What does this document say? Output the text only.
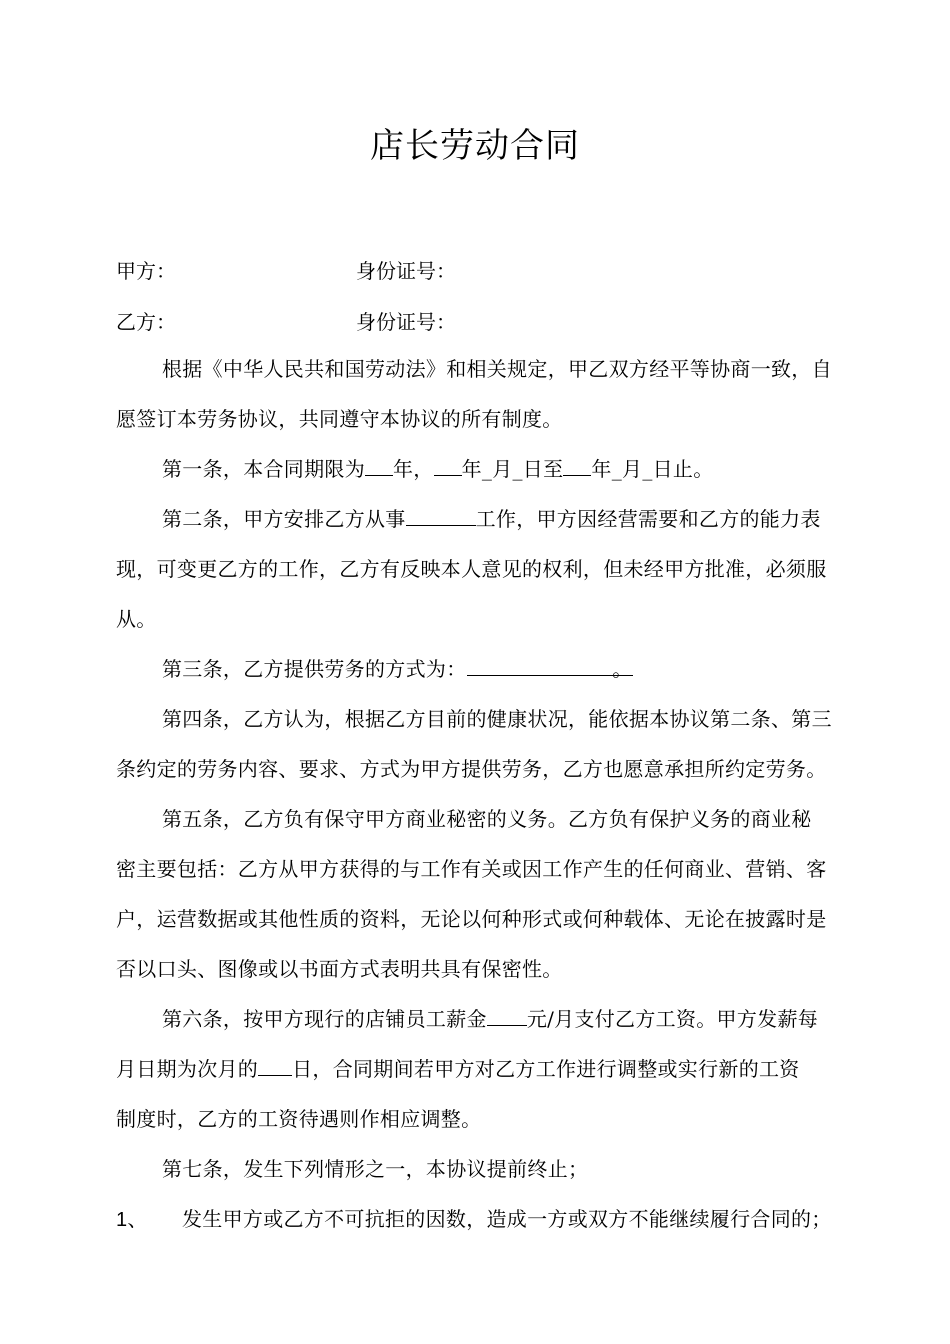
店长劳动合同
甲方：	身份证号：
乙方：	身份证号：
根据《中华人民共和国劳动法》和相关规定，甲乙双方经平等协商一致，自
愿签订本劳务协议，共同遵守本协议的所有制度。
第一条，本合同期限为 年， 年_月_日至 年_月_日止。
第二条，甲方安排乙方从事	工作，甲方因经营需要和乙方的能力表
现，可变更乙方的工作，乙方有反映本人意见的权利，但未经甲方批准，必须服
从。
第三条，乙方提供劳务的方式为：	。
第四条，乙方认为，根据乙方目前的健康状况，能依据本协议第二条、第三
条约定的劳务内容、要求、方式为甲方提供劳务，乙方也愿意承担所约定劳务。
第五条，乙方负有保守甲方商业秘密的义务。乙方负有保护义务的商业秘
密主要包括：乙方从甲方获得的与工作有关或因工作产生的任何商业、营销、客
户，运营数据或其他性质的资料，无论以何种形式或何种载体、无论在披露时是
否以口头、图像或以书面方式表明共具有保密性。
第六条，按甲方现行的店铺员工薪金 元/月支付乙方工资。甲方发薪每
月日期为次月的 日，合同期间若甲方对乙方工作进行调整或实行新的工资
制度时，乙方的工资待遇则作相应调整。
第七条，发生下列情形之一，本协议提前终止；
1、 发生甲方或乙方不可抗拒的因数，造成一方或双方不能继续履行合同的；
